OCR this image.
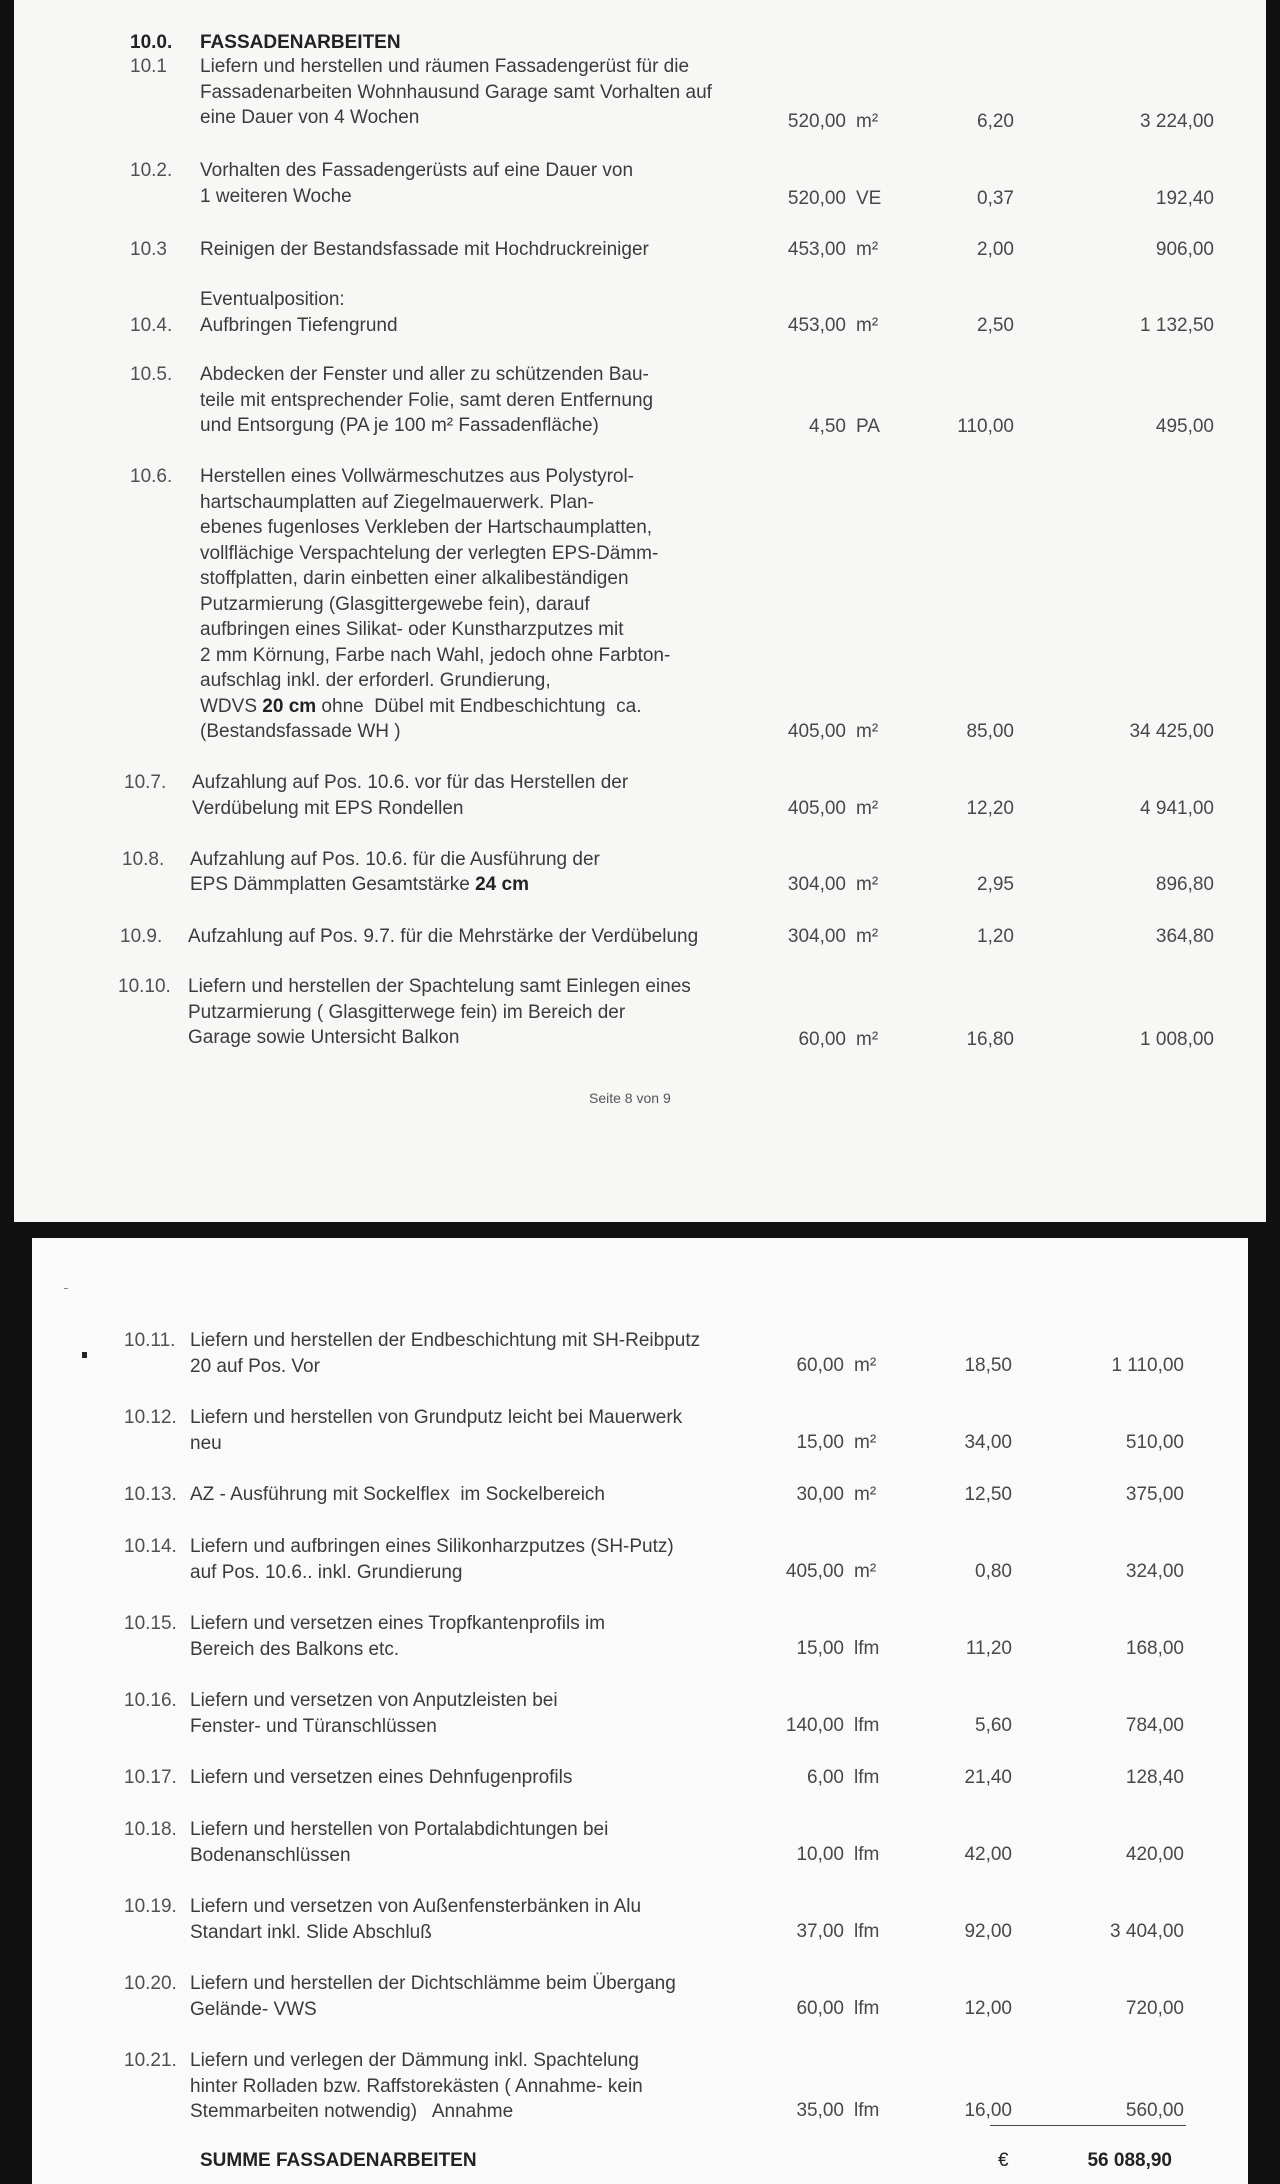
10.0. FASSADENARBEITEN
10.1 Liefern und herstellen und räumen Fassadengerüst für die
Fassadenarbeiten Wohnhausund Garage samt Vorhalten auf
eine Dauer von 4 Wochen	520,00 m²	6,20	3 224,00
10.2. Vorhalten des Fassadengerüsts auf eine Dauer von
1 weiteren Woche	520,00 VE	0,37	192,40
10.3 Reinigen der Bestandsfassade mit Hochdruckreiniger	453,00 m²	2,00	906,00
Eventualposition:
10.4. Aufbringen Tiefengrund	453,00 m²	2,50	1 132,50
10.5. Abdecken der Fenster und aller zu schützenden Bau-
teile mit entsprechender Folie, samt deren Entfernung
und Entsorgung (PA je 100 m² Fassadenfläche)	4,50 PA	110,00	495,00
10.6. Herstellen eines Vollwärmeschutzes aus Polystyrol-
hartschaumplatten auf Ziegelmauerwerk. Plan-
ebenes fugenloses Verkleben der Hartschaumplatten,
vollflächige Verspachtelung der verlegten EPS-Dämm-
stoffplatten, darin einbetten einer alkalibeständigen
Putzarmierung (Glasgittergewebe fein), darauf
aufbringen eines Silikat- oder Kunstharzputzes mit
2 mm Körnung, Farbe nach Wahl, jedoch ohne Farbton-
aufschlag inkl. der erforderl. Grundierung,
WDVS 20 cm ohne  Dübel mit Endbeschichtung  ca.
(Bestandsfassade WH )	405,00 m²	85,00	34 425,00
10.7. Aufzahlung auf Pos. 10.6. vor für das Herstellen der
Verdübelung mit EPS Rondellen	405,00 m²	12,20	4 941,00
10.8. Aufzahlung auf Pos. 10.6. für die Ausführung der
EPS Dämmplatten Gesamtstärke 24 cm	304,00 m²	2,95	896,80
10.9. Aufzahlung auf Pos. 9.7. für die Mehrstärke der Verdübelung	304,00 m²	1,20	364,80
10.10. Liefern und herstellen der Spachtelung samt Einlegen eines
Putzarmierung ( Glasgitterwege fein) im Bereich der
Garage sowie Untersicht Balkon	60,00 m²	16,80	1 008,00
Seite 8 von 9
10.11. Liefern und herstellen der Endbeschichtung mit SH-Reibputz
20 auf Pos. Vor	60,00 m²	18,50	1 110,00
10.12. Liefern und herstellen von Grundputz leicht bei Mauerwerk
neu	15,00 m²	34,00	510,00
10.13. AZ - Ausführung mit Sockelflex  im Sockelbereich	30,00 m²	12,50	375,00
10.14. Liefern und aufbringen eines Silikonharzputzes (SH-Putz)
auf Pos. 10.6.. inkl. Grundierung	405,00 m²	0,80	324,00
10.15. Liefern und versetzen eines Tropfkantenprofils im
Bereich des Balkons etc.	15,00 lfm	11,20	168,00
10.16. Liefern und versetzen von Anputzleisten bei
Fenster- und Türanschlüssen	140,00 lfm	5,60	784,00
10.17. Liefern und versetzen eines Dehnfugenprofils	6,00 lfm	21,40	128,40
10.18. Liefern und herstellen von Portalabdichtungen bei
Bodenanschlüssen	10,00 lfm	42,00	420,00
10.19. Liefern und versetzen von Außenfensterbänken in Alu
Standart inkl. Slide Abschluß	37,00 lfm	92,00	3 404,00
10.20. Liefern und herstellen der Dichtschlämme beim Übergang
Gelände- VWS	60,00 lfm	12,00	720,00
10.21. Liefern und verlegen der Dämmung inkl. Spachtelung
hinter Rolladen bzw. Raffstorekästen ( Annahme- kein
Stemmarbeiten notwendig)   Annahme	35,00 lfm	16,00	560,00
SUMME FASSADENARBEITEN	€	56 088,90
